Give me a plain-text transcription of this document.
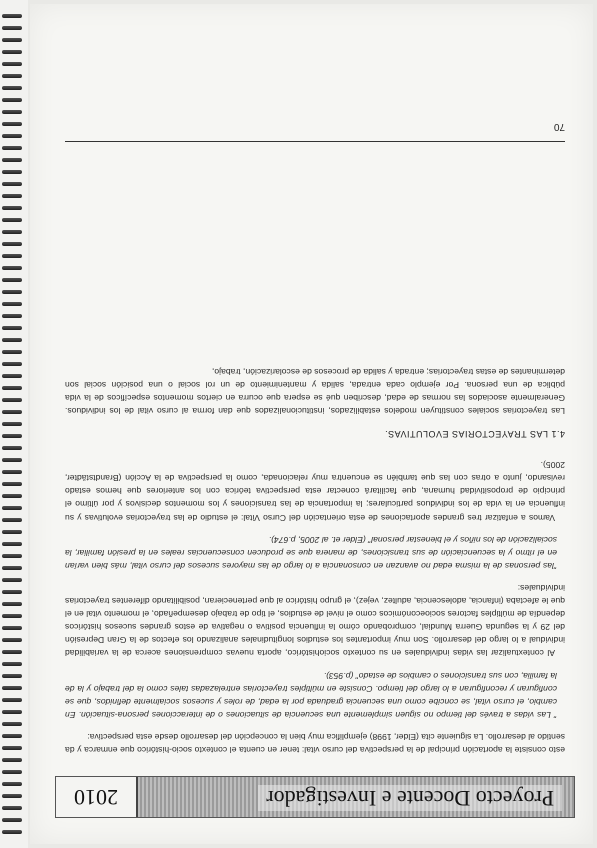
Proyecto Docente e Investigador
2010

esto consiste la aportación principal de la perspectiva del curso vital: tener en cuenta el contexto socio-histórico que enmarca y da sentido al desarrollo. La siguiente cita (Elder, 1998) ejemplifica muy bien la concepción del desarrollo desde esta perspectiva:

" Las vidas a través del tiempo no siguen simplemente una secuencia de situaciones o de interacciones persona-situación. En cambio, el curso vital, se concibe como una secuencia graduada por la edad, de roles y sucesos socialmente definidos, que se configuran y reconfiguran a lo largo del tiempo. Consiste en múltiples trayectorias entrelazadas tales como la del trabajo y la de la familia, con sus transiciones o cambios de estado" (p.953).

Al contextualizar las vidas individuales en su contexto sociohistórico, aporta nuevas comprensiones acerca de la variabilidad individual a lo largo del desarrollo. Son muy importantes los estudios longitudinales analizando los efectos de la Gran Depresión del 29 y la segunda Guerra Mundial, comprobando cómo la influencia positiva o negativa de estos grandes sucesos históricos dependía de múltiples factores socioeconómicos como el nivel de estudios, el tipo de trabajo desempeñado, el momento vital en el que le afectaba (infancia, adolescencia, adultez, vejez), el grupo histórico al que pertenecieran, posibilitando diferentes trayectorias individuales:

"las personas de la misma edad no avanzan en consonancia a lo largo de las mayores sucesos del curso vital, más bien varían en el ritmo y la secuenciación de sus transiciones, de manera que se producen consecuencias reales en la presión familiar, la socialización de los niños y el bienestar personal" (Elder et. al 2005, p.674).

Vamos a enfatizar tres grandes aportaciones de esta orientación del Curso Vital: el estudio de las trayectorias evolutivas y su influencia en la vida de los individuos particulares; la importancia de las transiciones y los momentos decisivos y por último el principio de propositividad humana, que facilitará conectar esta perspectiva teórica con los anteriores que hemos estado revisando, junto a otras con las que también se encuentra muy relacionada, como la perspectiva de la Acción (Brandtstädter, 2005).

4.1 LAS TRAYECTORIAS EVOLUTIVAS.

Las trayectorias sociales constituyen modelos estabilizados, institucionalizados que dan forma al curso vital de los individuos. Generalmente asociados las normas de edad, describen qué se espera que ocurra en ciertos momentos específicos de la vida pública de una persona. Por ejemplo cada entrada, salida y mantenimiento de un rol social o una posición social son determinantes de estas trayectorias; entrada y salida de procesos de escolarización, trabajo,

70
